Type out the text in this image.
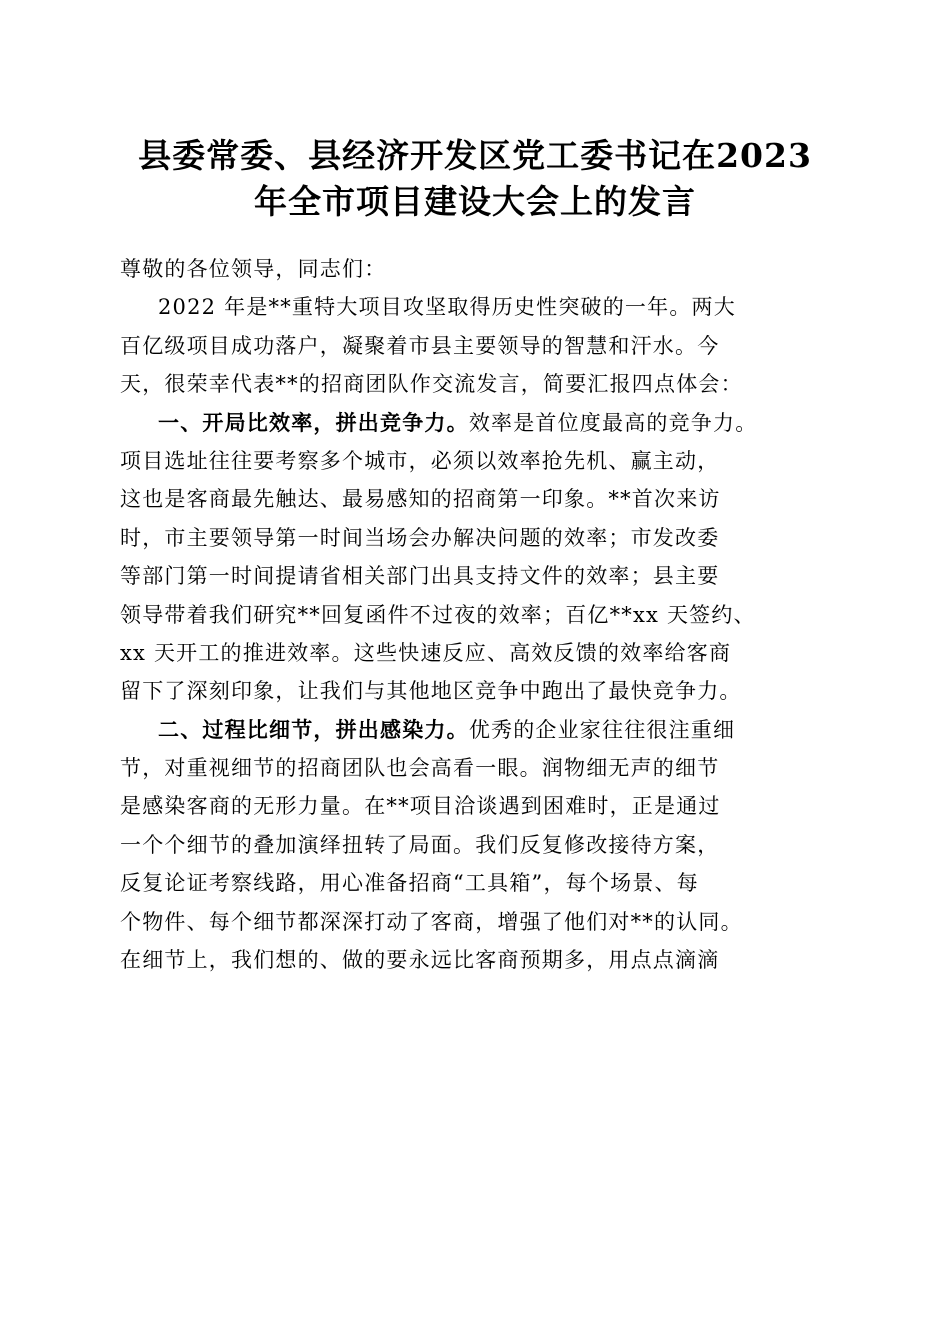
县委常委、县经济开发区党工委书记在2023
年全市项目建设大会上的发言
尊敬的各位领导，同志们：
2022 年是**重特大项目攻坚取得历史性突破的一年。两大
百亿级项目成功落户，凝聚着市县主要领导的智慧和汗水。今
天，很荣幸代表**的招商团队作交流发言，简要汇报四点体会：
一、开局比效率，拼出竞争力。效率是首位度最高的竞争力。
项目选址往往要考察多个城市，必须以效率抢先机、赢主动，
这也是客商最先触达、最易感知的招商第一印象。**首次来访
时，市主要领导第一时间当场会办解决问题的效率；市发改委
等部门第一时间提请省相关部门出具支持文件的效率；县主要
领导带着我们研究**回复函件不过夜的效率；百亿**xx 天签约、
xx 天开工的推进效率。这些快速反应、高效反馈的效率给客商
留下了深刻印象，让我们与其他地区竞争中跑出了最快竞争力。
二、过程比细节，拼出感染力。优秀的企业家往往很注重细
节，对重视细节的招商团队也会高看一眼。润物细无声的细节
是感染客商的无形力量。在**项目洽谈遇到困难时，正是通过
一个个细节的叠加演绎扭转了局面。我们反复修改接待方案，
反复论证考察线路，用心准备招商“工具箱”，每个场景、每
个物件、每个细节都深深打动了客商，增强了他们对**的认同。
在细节上，我们想的、做的要永远比客商预期多，用点点滴滴
